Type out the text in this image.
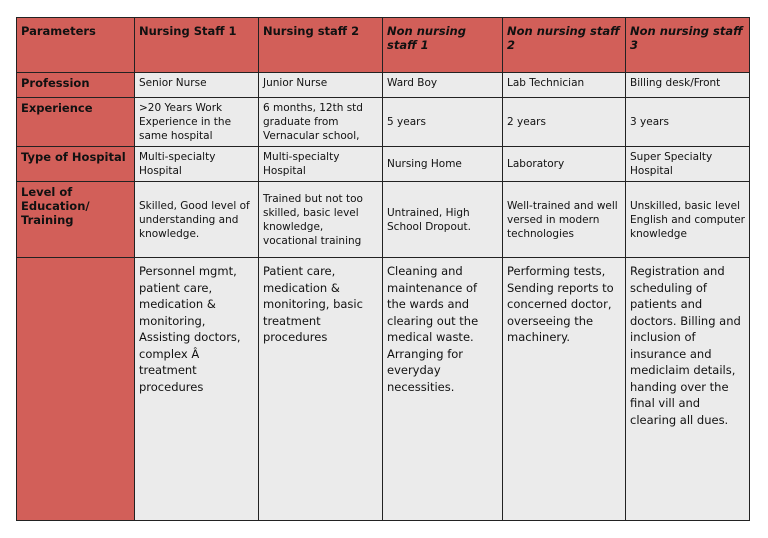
Parameters	Nursing Staff 1	Nursing staff 2	Non nursing staff 1	Non nursing staff 2	Non nursing staff 3
Profession	Senior Nurse	Junior Nurse	Ward Boy	Lab Technician	Billing desk/Front
Experience	>20 Years Work Experience in the same hospital	6 months, 12th std graduate from Vernacular school,	5 years	2 years	3 years
Type of Hospital	Multi-specialty Hospital	Multi-specialty Hospital	Nursing Home	Laboratory	Super Specialty Hospital
Level of Education/ Training	Skilled, Good level of understanding and knowledge.	Trained but not too skilled, basic level knowledge, vocational training	Untrained, High School Dropout.	Well-trained and well versed in modern technologies	Unskilled, basic level English and computer knowledge
	Personnel mgmt, patient care, medication & monitoring, Assisting doctors, complex Â treatment procedures	Patient care, medication & monitoring, basic treatment procedures	Cleaning and maintenance of the wards and clearing out the medical waste. Arranging for everyday necessities.	Performing tests, Sending reports to concerned doctor, overseeing the machinery.	Registration and scheduling of patients and doctors. Billing and inclusion of insurance and mediclaim details, handing over the final vill and clearing all dues.
